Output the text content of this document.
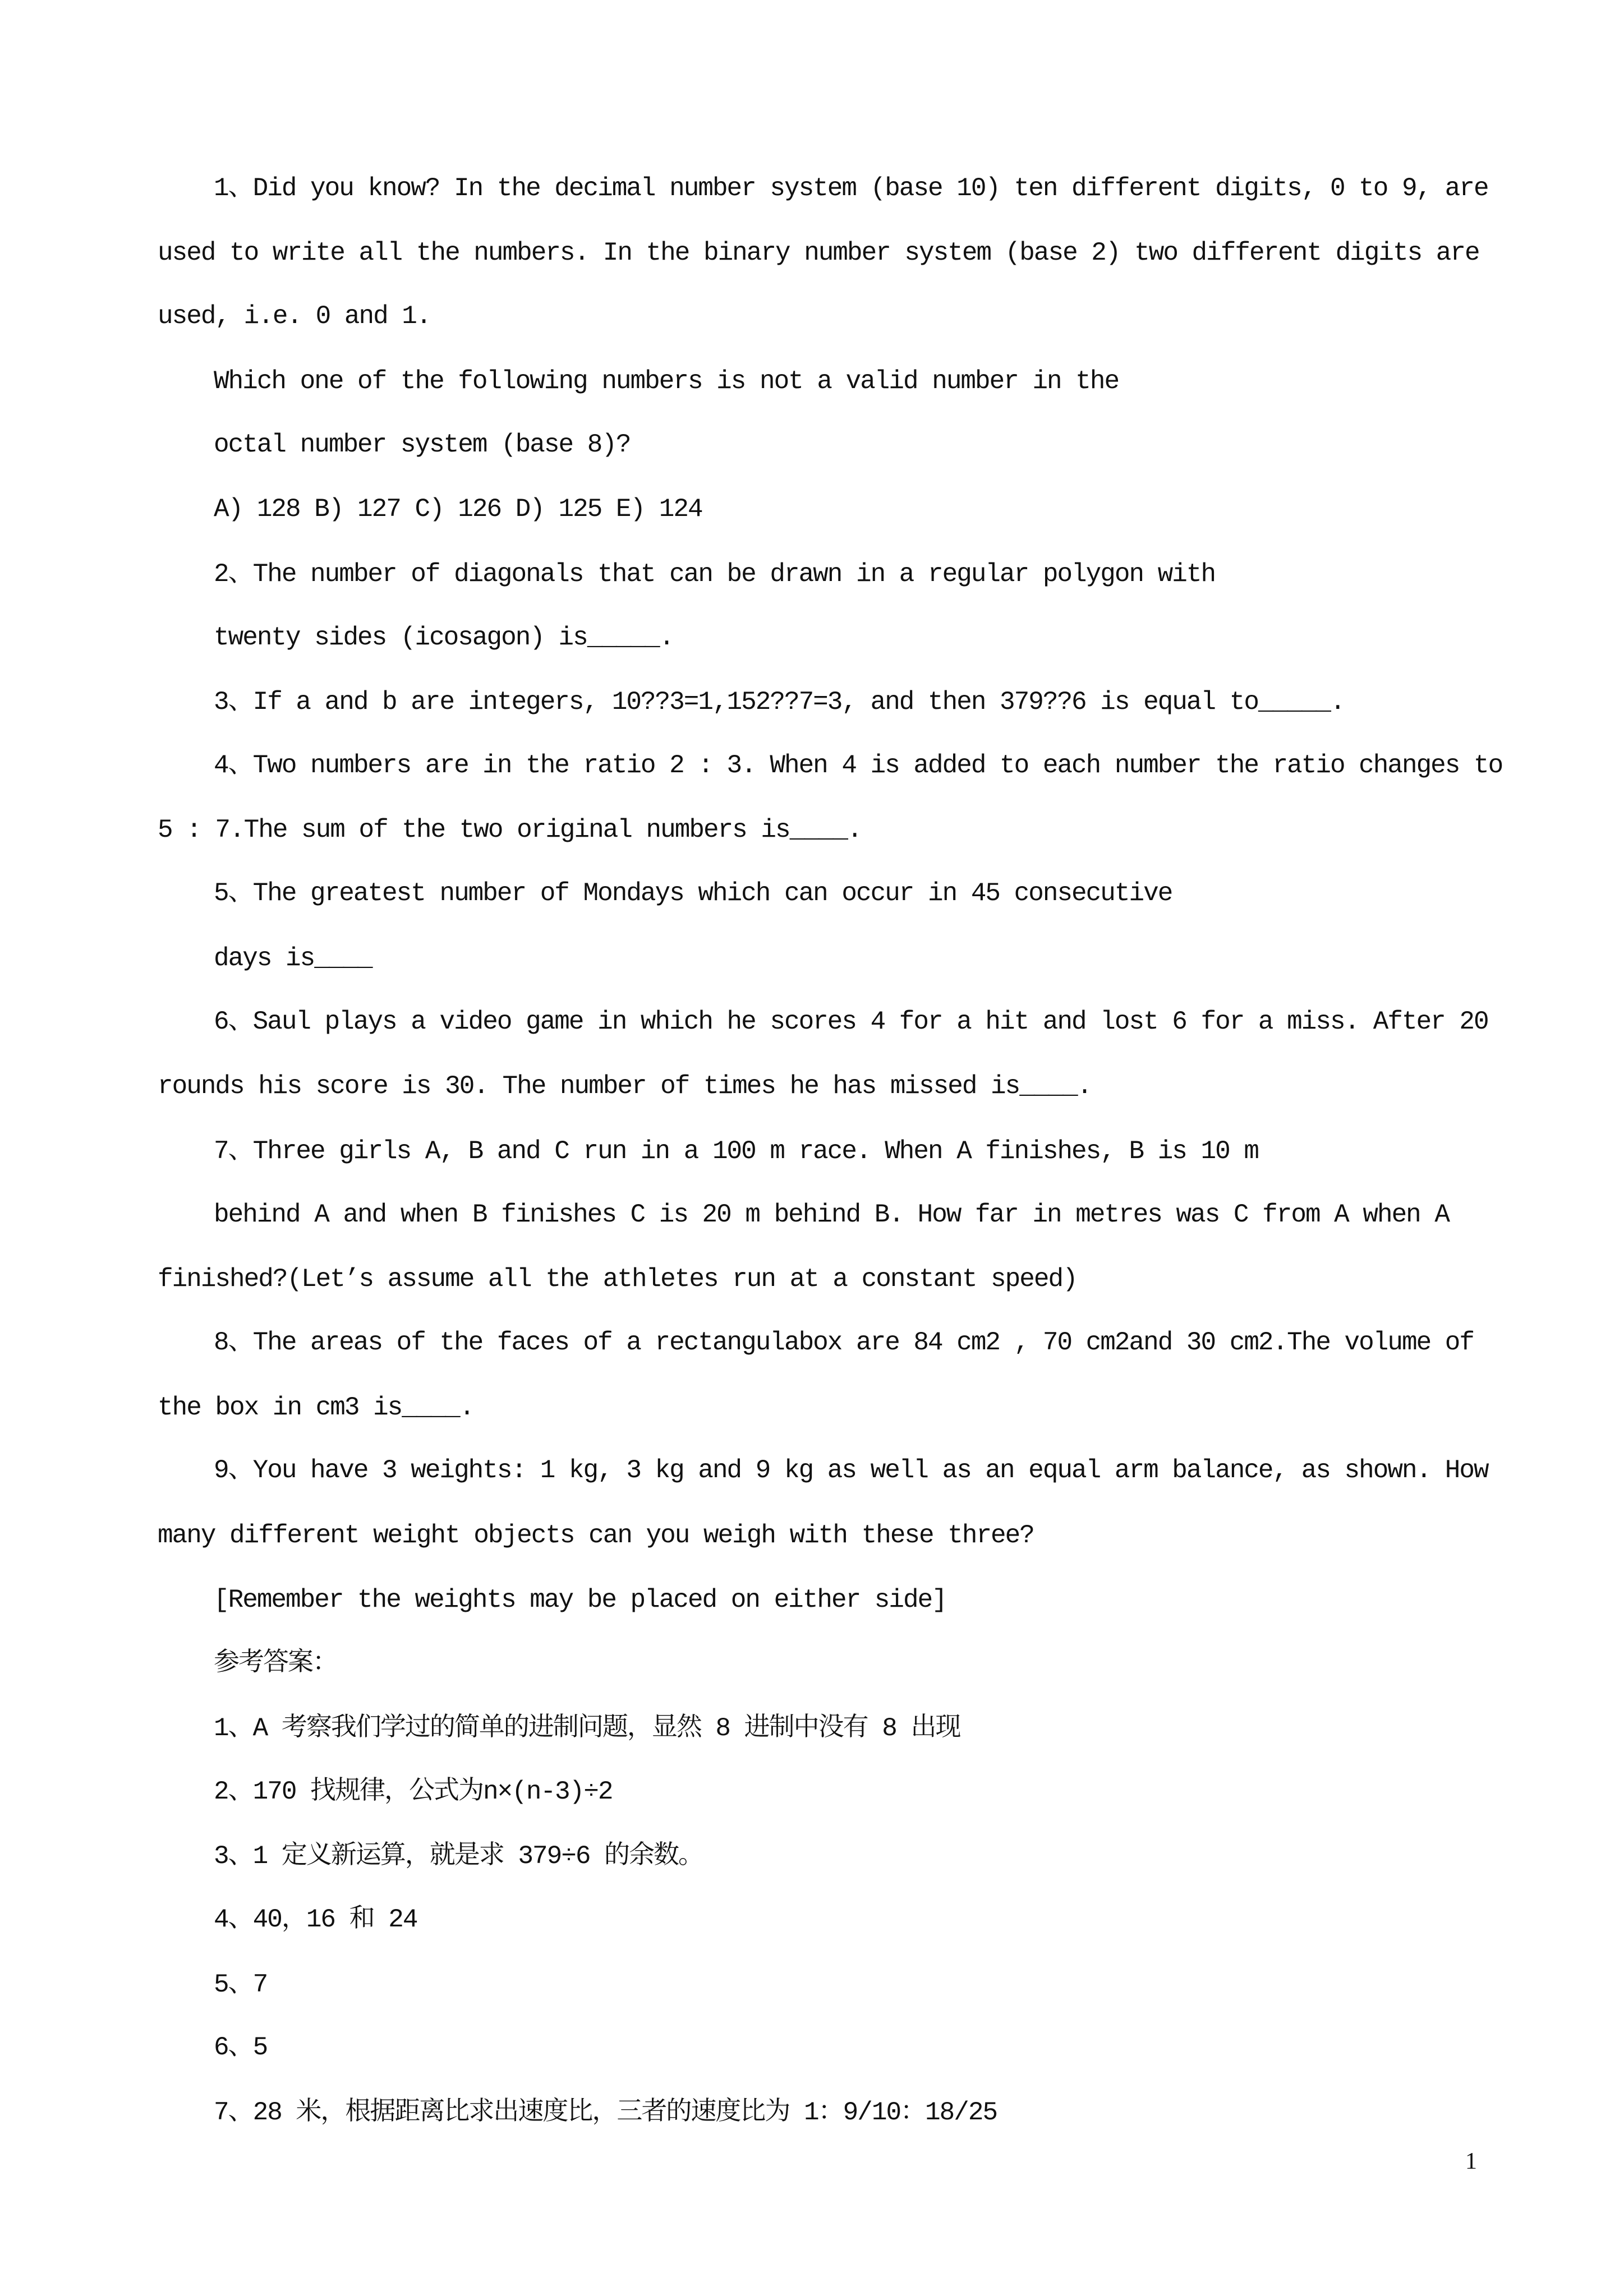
1、Did you know? In the decimal number system (base 10) ten different digits, 0 to 9, are
used to write all the numbers. In the binary number system (base 2) two different digits are
used, i.e. 0 and 1.
Which one of the following numbers is not a valid number in the
octal number system (base 8)?
A) 128 B) 127 C) 126 D) 125 E) 124
2、The number of diagonals that can be drawn in a regular polygon with
twenty sides (icosagon) is_____.
3、If a and b are integers, 10??3=1,152??7=3, and then 379??6 is equal to_____.
4、Two numbers are in the ratio 2 : 3. When 4 is added to each number the ratio changes to
5 : 7.The sum of the two original numbers is____.
5、The greatest number of Mondays which can occur in 45 consecutive
days is____
6、Saul plays a video game in which he scores 4 for a hit and lost 6 for a miss. After 20
rounds his score is 30. The number of times he has missed is____.
7、Three girls A, B and C run in a 100 m race. When A finishes, B is 10 m
behind A and when B finishes C is 20 m behind B. How far in metres was C from A when A
finished?(Let’s assume all the athletes run at a constant speed)
8、The areas of the faces of a rectangulabox are 84 cm2 , 70 cm2and 30 cm2.The volume of
the box in cm3 is____.
9、You have 3 weights: 1 kg, 3 kg and 9 kg as well as an equal arm balance, as shown. How
many different weight objects can you weigh with these three?
[Remember the weights may be placed on either side]
参考答案：
1、A 考察我们学过的简单的进制问题，显然 8 进制中没有 8 出现
2、170 找规律，公式为n×(n-3)÷2
3、1 定义新运算，就是求 379÷6 的余数。
4、40，16 和 24
5、7
6、5
7、28 米，根据距离比求出速度比，三者的速度比为 1：9/10：18/25
1
